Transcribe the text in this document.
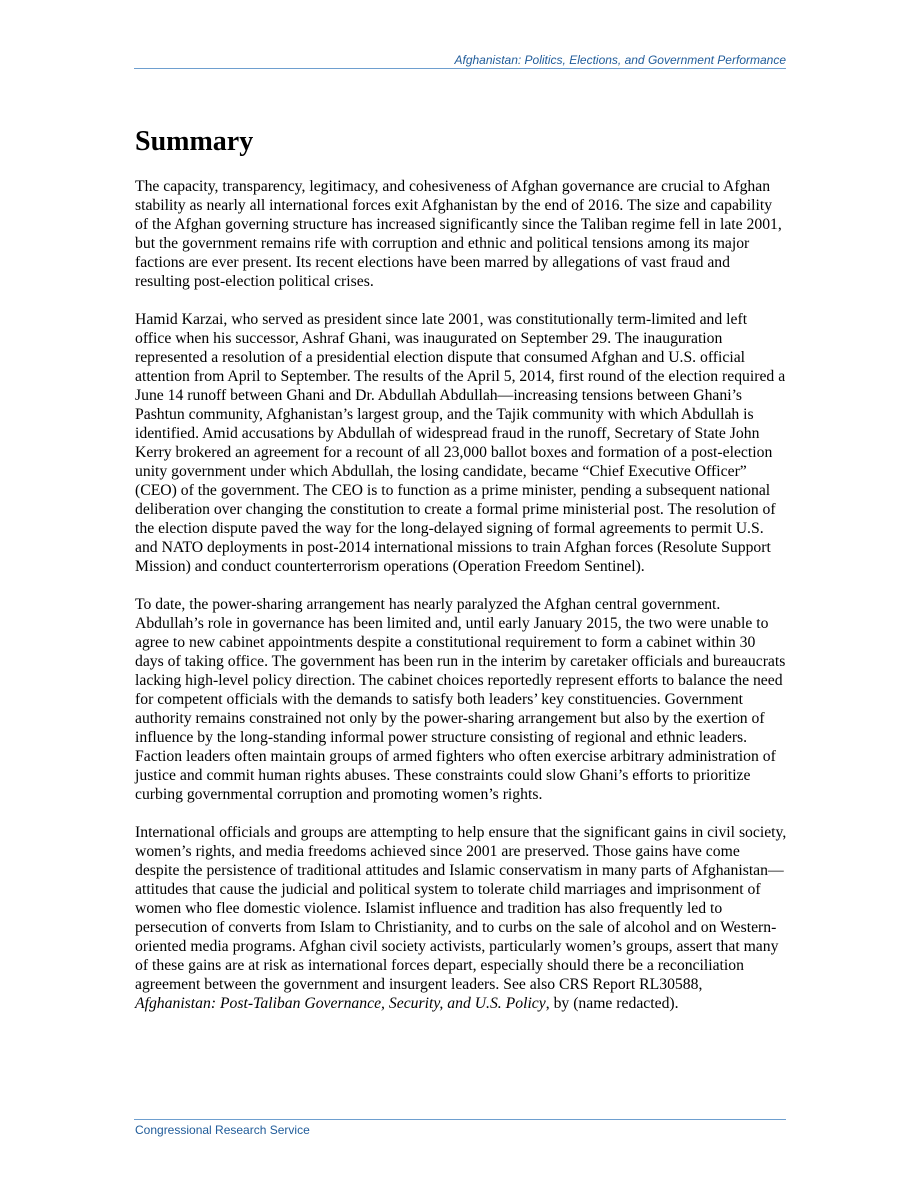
Afghanistan: Politics, Elections, and Government Performance
Summary

The capacity, transparency, legitimacy, and cohesiveness of Afghan governance are crucial to Afghan stability as nearly all international forces exit Afghanistan by the end of 2016. The size and capability of the Afghan governing structure has increased significantly since the Taliban regime fell in late 2001, but the government remains rife with corruption and ethnic and political tensions among its major factions are ever present. Its recent elections have been marred by allegations of vast fraud and resulting post-election political crises.

Hamid Karzai, who served as president since late 2001, was constitutionally term-limited and left office when his successor, Ashraf Ghani, was inaugurated on September 29. The inauguration represented a resolution of a presidential election dispute that consumed Afghan and U.S. official attention from April to September. The results of the April 5, 2014, first round of the election required a June 14 runoff between Ghani and Dr. Abdullah Abdullah—increasing tensions between Ghani’s Pashtun community, Afghanistan’s largest group, and the Tajik community with which Abdullah is identified. Amid accusations by Abdullah of widespread fraud in the runoff, Secretary of State John Kerry brokered an agreement for a recount of all 23,000 ballot boxes and formation of a post-election unity government under which Abdullah, the losing candidate, became “Chief Executive Officer” (CEO) of the government. The CEO is to function as a prime minister, pending a subsequent national deliberation over changing the constitution to create a formal prime ministerial post. The resolution of the election dispute paved the way for the long-delayed signing of formal agreements to permit U.S. and NATO deployments in post-2014 international missions to train Afghan forces (Resolute Support Mission) and conduct counterterrorism operations (Operation Freedom Sentinel).

To date, the power-sharing arrangement has nearly paralyzed the Afghan central government. Abdullah’s role in governance has been limited and, until early January 2015, the two were unable to agree to new cabinet appointments despite a constitutional requirement to form a cabinet within 30 days of taking office. The government has been run in the interim by caretaker officials and bureaucrats lacking high-level policy direction. The cabinet choices reportedly represent efforts to balance the need for competent officials with the demands to satisfy both leaders’ key constituencies. Government authority remains constrained not only by the power-sharing arrangement but also by the exertion of influence by the long-standing informal power structure consisting of regional and ethnic leaders. Faction leaders often maintain groups of armed fighters who often exercise arbitrary administration of justice and commit human rights abuses. These constraints could slow Ghani’s efforts to prioritize curbing governmental corruption and promoting women’s rights.

International officials and groups are attempting to help ensure that the significant gains in civil society, women’s rights, and media freedoms achieved since 2001 are preserved. Those gains have come despite the persistence of traditional attitudes and Islamic conservatism in many parts of Afghanistan—attitudes that cause the judicial and political system to tolerate child marriages and imprisonment of women who flee domestic violence. Islamist influence and tradition has also frequently led to persecution of converts from Islam to Christianity, and to curbs on the sale of alcohol and on Western-oriented media programs. Afghan civil society activists, particularly women’s groups, assert that many of these gains are at risk as international forces depart, especially should there be a reconciliation agreement between the government and insurgent leaders. See also CRS Report RL30588, Afghanistan: Post-Taliban Governance, Security, and U.S. Policy, by (name redacted).

Congressional Research Service
